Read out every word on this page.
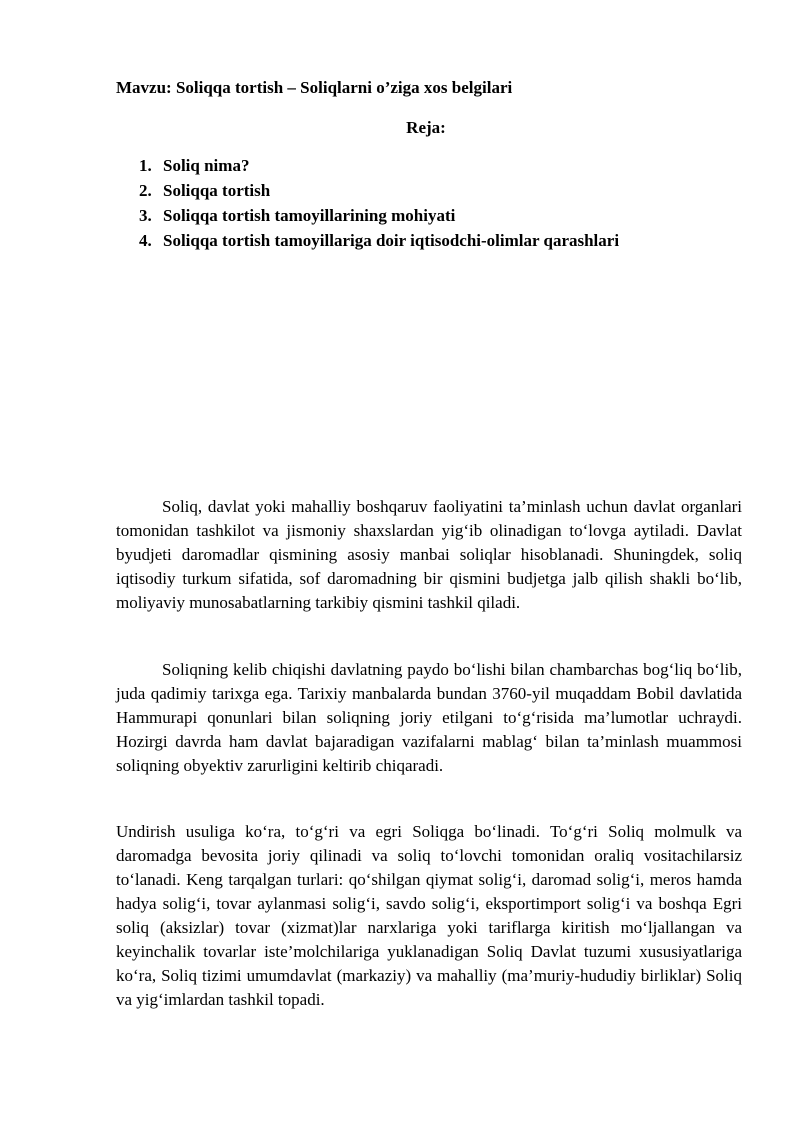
Mavzu: Soliqqa tortish – Soliqlarni o’ziga xos belgilari
Reja:
1. Soliq nima?
2. Soliqqa tortish
3. Soliqqa tortish tamoyillarining mohiyati
4. Soliqqa tortish tamoyillariga doir iqtisodchi-olimlar qarashlari

Soliq, davlat yoki mahalliy boshqaruv faoliyatini ta’minlash uchun davlat organlari tomonidan tashkilot va jismoniy shaxslardan yig‘ib olinadigan to‘lovga aytiladi. Davlat byudjeti daromadlar qismining asosiy manbai soliqlar hisoblanadi. Shuningdek, soliq iqtisodiy turkum sifatida, sof daromadning bir qismini budjetga jalb qilish shakli bo‘lib, moliyaviy munosabatlarning tarkibiy qismini tashkil qiladi.

Soliqning kelib chiqishi davlatning paydo bo‘lishi bilan chambarchas bog‘liq bo‘lib, juda qadimiy tarixga ega. Tarixiy manbalarda bundan 3760-yil muqaddam Bobil davlatida Hammurapi qonunlari bilan soliqning joriy etilgani to‘g‘risida ma’lumotlar uchraydi. Hozirgi davrda ham davlat bajaradigan vazifalarni mablag‘ bilan ta’minlash muammosi soliqning obyektiv zarurligini keltirib chiqaradi.

Undirish usuliga ko‘ra, to‘g‘ri va egri Soliqga bo‘linadi. To‘g‘ri Soliq molmulk va daromadga bevosita joriy qilinadi va soliq to‘lovchi tomonidan oraliq vositachilarsiz to‘lanadi. Keng tarqalgan turlari: qo‘shilgan qiymat solig‘i, daromad solig‘i, meros hamda hadya solig‘i, tovar aylanmasi solig‘i, savdo solig‘i, eksportimport solig‘i va boshqa Egri soliq (aksizlar) tovar (xizmat)lar narxlariga yoki tariflarga kiritish mo‘ljallangan va keyinchalik tovarlar iste’molchilariga yuklanadigan Soliq Davlat tuzumi xususiyatlariga ko‘ra, Soliq tizimi umumdavlat (markaziy) va mahalliy (ma’muriy-hududiy birliklar) Soliq va yig‘imlardan tashkil topadi.
